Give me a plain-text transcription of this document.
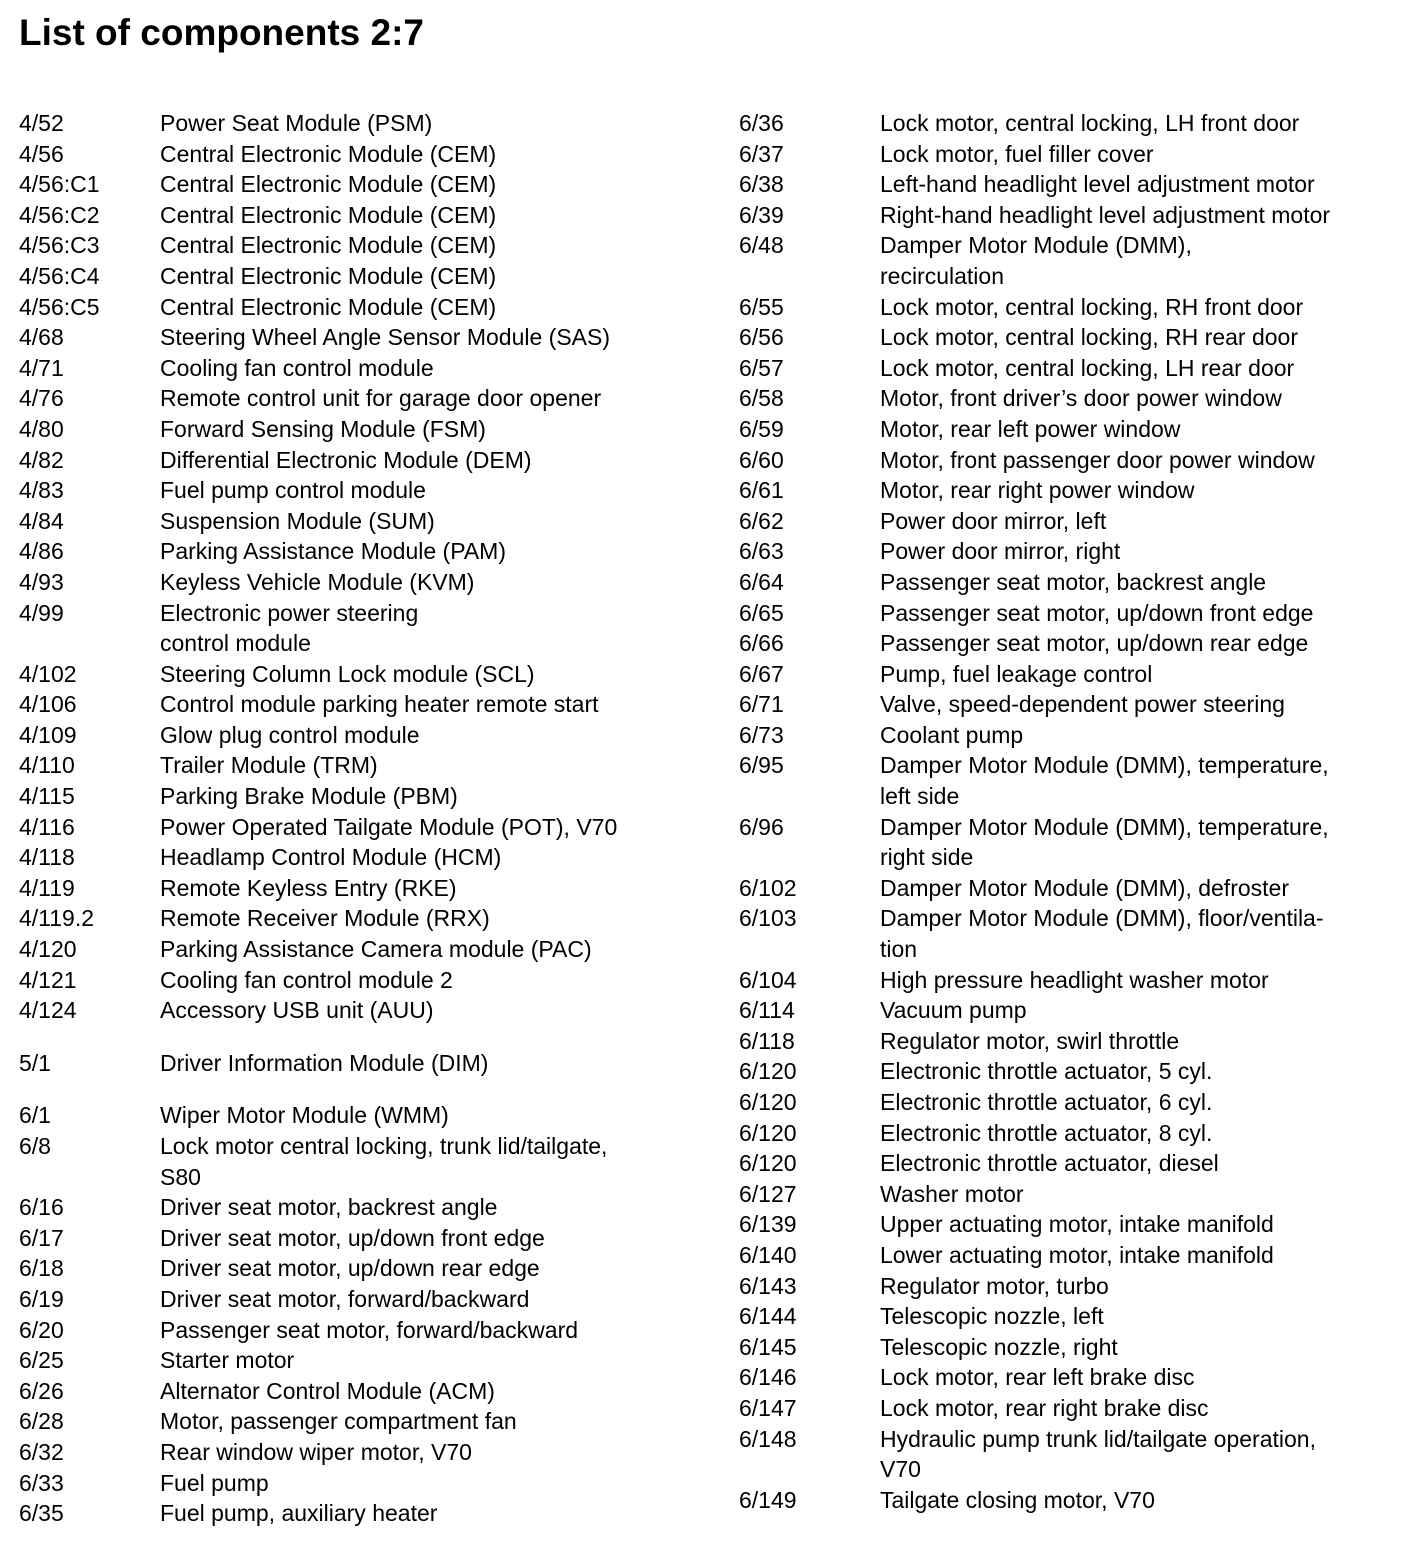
List of components 2:7
4/52	Power Seat Module (PSM)
4/56	Central Electronic Module (CEM)
4/56:C1	Central Electronic Module (CEM)
4/56:C2	Central Electronic Module (CEM)
4/56:C3	Central Electronic Module (CEM)
4/56:C4	Central Electronic Module (CEM)
4/56:C5	Central Electronic Module (CEM)
4/68	Steering Wheel Angle Sensor Module (SAS)
4/71	Cooling fan control module
4/76	Remote control unit for garage door opener
4/80	Forward Sensing Module (FSM)
4/82	Differential Electronic Module (DEM)
4/83	Fuel pump control module
4/84	Suspension Module (SUM)
4/86	Parking Assistance Module (PAM)
4/93	Keyless Vehicle Module (KVM)
4/99	Electronic power steering
control module
4/102	Steering Column Lock module (SCL)
4/106	Control module parking heater remote start
4/109	Glow plug control module
4/110	Trailer Module (TRM)
4/115	Parking Brake Module (PBM)
4/116	Power Operated Tailgate Module (POT), V70
4/118	Headlamp Control Module (HCM)
4/119	Remote Keyless Entry (RKE)
4/119.2	Remote Receiver Module (RRX)
4/120	Parking Assistance Camera module (PAC)
4/121	Cooling fan control module 2
4/124	Accessory USB unit (AUU)
5/1	Driver Information Module (DIM)
6/1	Wiper Motor Module (WMM)
6/8	Lock motor central locking, trunk lid/tailgate,
S80
6/16	Driver seat motor, backrest angle
6/17	Driver seat motor, up/down front edge
6/18	Driver seat motor, up/down rear edge
6/19	Driver seat motor, forward/backward
6/20	Passenger seat motor, forward/backward
6/25	Starter motor
6/26	Alternator Control Module (ACM)
6/28	Motor, passenger compartment fan
6/32	Rear window wiper motor, V70
6/33	Fuel pump
6/35	Fuel pump, auxiliary heater
6/36	Lock motor, central locking, LH front door
6/37	Lock motor, fuel filler cover
6/38	Left-hand headlight level adjustment motor
6/39	Right-hand headlight level adjustment motor
6/48	Damper Motor Module (DMM),
recirculation
6/55	Lock motor, central locking, RH front door
6/56	Lock motor, central locking, RH rear door
6/57	Lock motor, central locking, LH rear door
6/58	Motor, front driver’s door power window
6/59	Motor, rear left power window
6/60	Motor, front passenger door power window
6/61	Motor, rear right power window
6/62	Power door mirror, left
6/63	Power door mirror, right
6/64	Passenger seat motor, backrest angle
6/65	Passenger seat motor, up/down front edge
6/66	Passenger seat motor, up/down rear edge
6/67	Pump, fuel leakage control
6/71	Valve, speed-dependent power steering
6/73	Coolant pump
6/95	Damper Motor Module (DMM), temperature,
left side
6/96	Damper Motor Module (DMM), temperature,
right side
6/102	Damper Motor Module (DMM), defroster
6/103	Damper Motor Module (DMM), floor/ventila-
tion
6/104	High pressure headlight washer motor
6/114	Vacuum pump
6/118	Regulator motor, swirl throttle
6/120	Electronic throttle actuator, 5 cyl.
6/120	Electronic throttle actuator, 6 cyl.
6/120	Electronic throttle actuator, 8 cyl.
6/120	Electronic throttle actuator, diesel
6/127	Washer motor
6/139	Upper actuating motor, intake manifold
6/140	Lower actuating motor, intake manifold
6/143	Regulator motor, turbo
6/144	Telescopic nozzle, left
6/145	Telescopic nozzle, right
6/146	Lock motor, rear left brake disc
6/147	Lock motor, rear right brake disc
6/148	Hydraulic pump trunk lid/tailgate operation,
V70
6/149	Tailgate closing motor, V70
